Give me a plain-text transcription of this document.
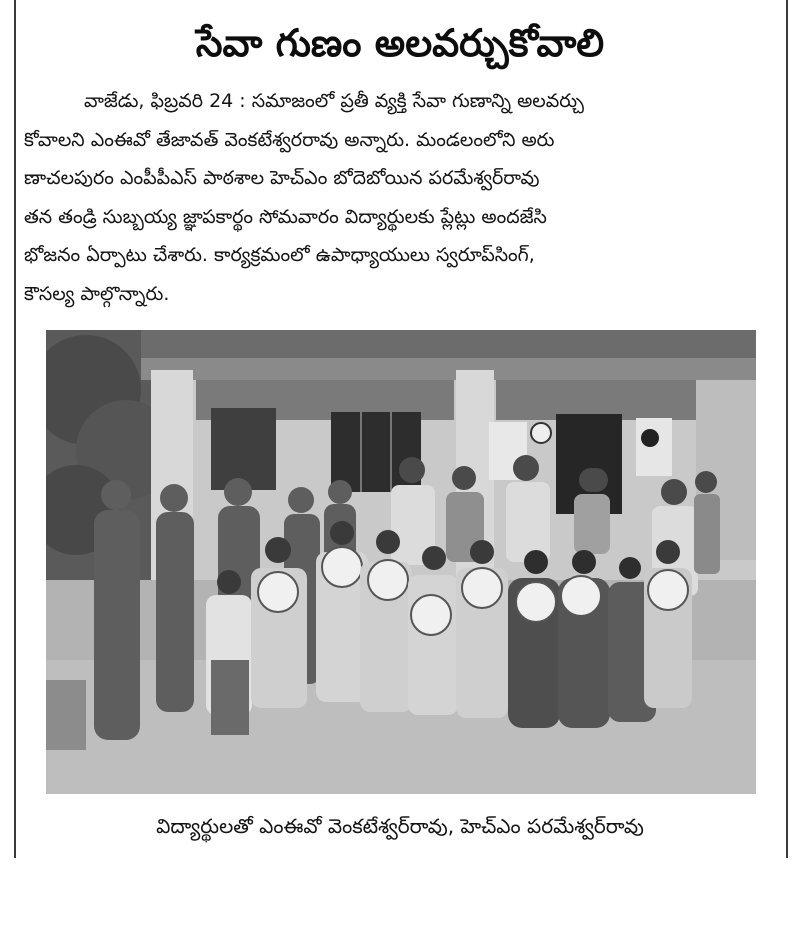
సేవా గుణం అలవర్చుకోవాలి
వాజేడు, ఫిబ్రవరి 24 : సమాజంలో ప్రతీ వ్యక్తి సేవా గుణాన్ని అలవర్చు
కోవాలని ఎంఈవో తేజావత్ వెంకటేశ్వరరావు అన్నారు. మండలంలోని అరు
ణాచలపురం ఎంపీపీఎస్ పాఠశాల హెచ్ఎం బోదెబోయిన పరమేశ్వర్‌రావు
తన తండ్రి సుబ్బయ్య జ్ఞాపకార్థం సోమవారం విద్యార్థులకు ప్లేట్లు అందజేసి
భోజనం ఏర్పాటు చేశారు. కార్యక్రమంలో ఉపాధ్యాయులు స్వరూప్‌సింగ్,
కౌసల్య పాల్గొన్నారు.
విద్యార్థులతో ఎంఈవో వెంకటేశ్వర్‌రావు, హెచ్‌ఎం పరమేశ్వర్‌రావు
